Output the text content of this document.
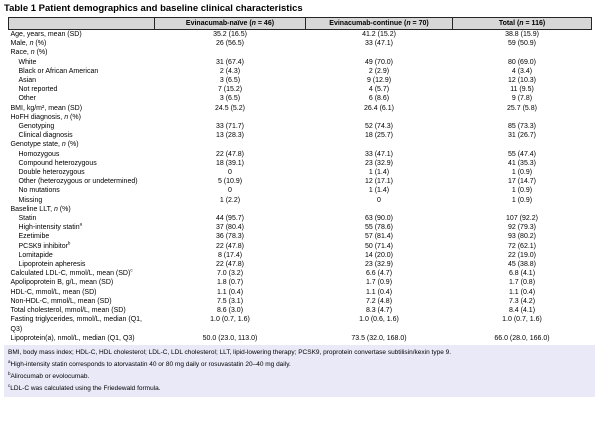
Table 1 Patient demographics and baseline clinical characteristics
	Evinacumab-naïve (n = 46)	Evinacumab-continue (n = 70)	Total (n = 116)
Age, years, mean (SD)	35.2 (16.5)	41.2 (15.2)	38.8 (15.9)
Male, n (%)	26 (56.5)	33 (47.1)	59 (50.9)
Race, n (%)			
White	31 (67.4)	49 (70.0)	80 (69.0)
Black or African American	2 (4.3)	2 (2.9)	4 (3.4)
Asian	3 (6.5)	9 (12.9)	12 (10.3)
Not reported	7 (15.2)	4 (5.7)	11 (9.5)
Other	3 (6.5)	6 (8.6)	9 (7.8)
BMI, kg/m², mean (SD)	24.5 (5.2)	26.4 (6.1)	25.7 (5.8)
HoFH diagnosis, n (%)			
Genotyping	33 (71.7)	52 (74.3)	85 (73.3)
Clinical diagnosis	13 (28.3)	18 (25.7)	31 (26.7)
Genotype state, n (%)			
Homozygous	22 (47.8)	33 (47.1)	55 (47.4)
Compound heterozygous	18 (39.1)	23 (32.9)	41 (35.3)
Double heterozygous	0	1 (1.4)	1 (0.9)
Other (heterozygous or undetermined)	5 (10.9)	12 (17.1)	17 (14.7)
No mutations	0	1 (1.4)	1 (0.9)
Missing	1 (2.2)	0	1 (0.9)
Baseline LLT, n (%)			
Statin	44 (95.7)	63 (90.0)	107 (92.2)
High-intensity statin$^a$	37 (80.4)	55 (78.6)	92 (79.3)
Ezetimibe	36 (78.3)	57 (81.4)	93 (80.2)
PCSK9 inhibitor$^b$	22 (47.8)	50 (71.4)	72 (62.1)
Lomitapide	8 (17.4)	14 (20.0)	22 (19.0)
Lipoprotein apheresis	22 (47.8)	23 (32.9)	45 (38.8)
Calculated LDL-C, mmol/L, mean (SD)$^c$	7.0 (3.2)	6.6 (4.7)	6.8 (4.1)
Apolipoprotein B, g/L, mean (SD)	1.8 (0.7)	1.7 (0.9)	1.7 (0.8)
HDL-C, mmol/L, mean (SD)	1.1 (0.4)	1.1 (0.4)	1.1 (0.4)
Non-HDL-C, mmol/L, mean (SD)	7.5 (3.1)	7.2 (4.8)	7.3 (4.2)
Total cholesterol, mmol/L, mean (SD)	8.6 (3.0)	8.3 (4.7)	8.4 (4.1)
Fasting triglycerides, mmol/L, median (Q1, Q3)	1.0 (0.7, 1.6)	1.0 (0.6, 1.6)	1.0 (0.7, 1.6)
Lipoprotein(a), nmol/L, median (Q1, Q3)	50.0 (23.0, 113.0)	73.5 (32.0, 168.0)	66.0 (28.0, 166.0)

BMI, body mass index; HDL-C, HDL cholesterol; LDL-C, LDL cholesterol; LLT, lipid-lowering therapy; PCSK9, proprotein convertase subtilisin/kexin type 9.

$^a$High-intensity statin corresponds to atorvastatin 40 or 80 mg daily or rosuvastatin 20–40 mg daily.

$^b$Alirocumab or evolocumab.

$^c$LDL-C was calculated using the Friedewald formula.
